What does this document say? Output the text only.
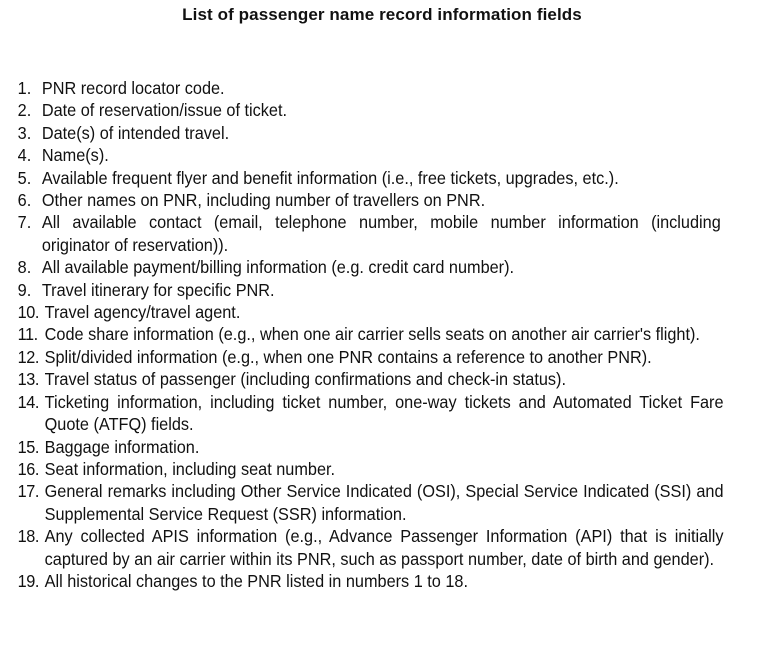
List of passenger name record information fields
1. PNR record locator code.
2. Date of reservation/issue of ticket.
3. Date(s) of intended travel.
4. Name(s).
5. Available frequent flyer and benefit information (i.e., free tickets, upgrades, etc.).
6. Other names on PNR, including number of travellers on PNR.
7. All available contact (email, telephone number, mobile number information (including originator of reservation)).
8. All available payment/billing information (e.g. credit card number).
9. Travel itinerary for specific PNR.
10. Travel agency/travel agent.
11. Code share information (e.g., when one air carrier sells seats on another air carrier's flight).
12. Split/divided information (e.g., when one PNR contains a reference to another PNR).
13. Travel status of passenger (including confirmations and check-in status).
14. Ticketing information, including ticket number, one-way tickets and Automated Ticket Fare Quote (ATFQ) fields.
15. Baggage information.
16. Seat information, including seat number.
17. General remarks including Other Service Indicated (OSI), Special Service Indicated (SSI) and Supplemental Service Request (SSR) information.
18. Any collected APIS information (e.g., Advance Passenger Information (API) that is initially captured by an air carrier within its PNR, such as passport number, date of birth and gender).
19. All historical changes to the PNR listed in numbers 1 to 18.
